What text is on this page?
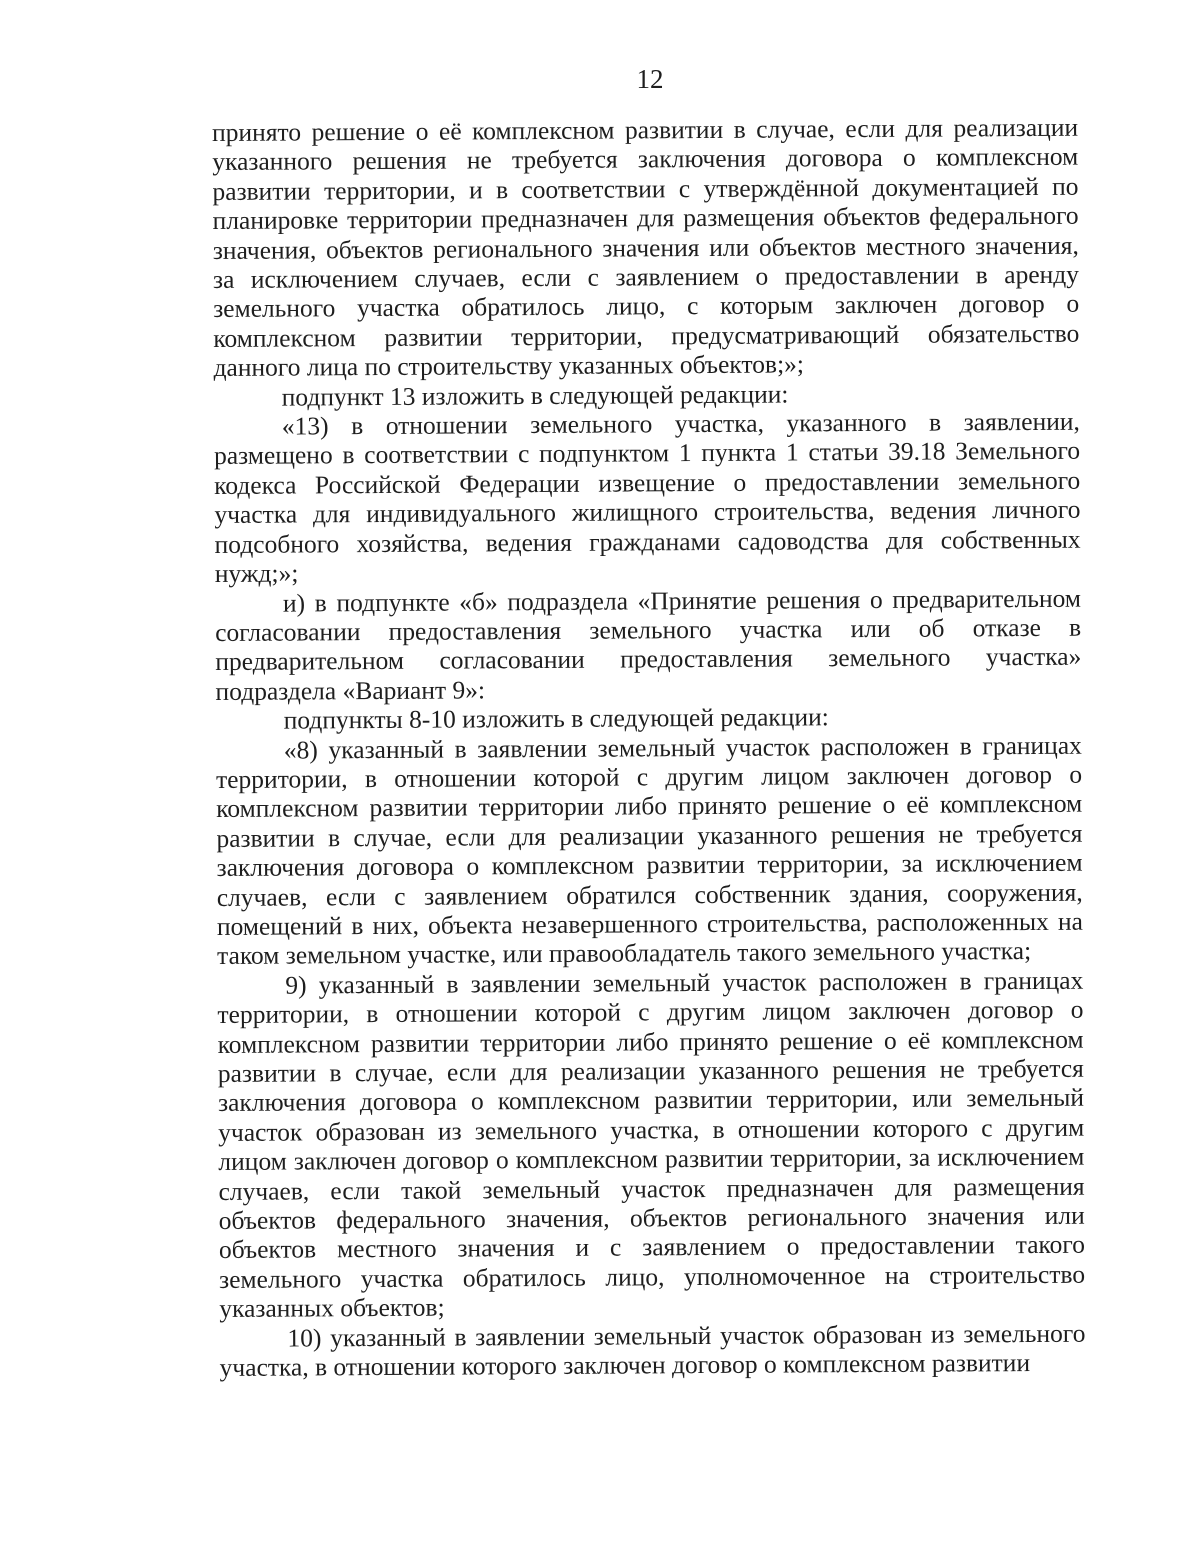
12

принято решение о её комплексном развитии в случае, если для реализации указанного решения не требуется заключения договора о комплексном развитии территории, и в соответствии с утверждённой документацией по планировке территории предназначен для размещения объектов федерального значения, объектов регионального значения или объектов местного значения, за исключением случаев, если с заявлением о предоставлении в аренду земельного участка обратилось лицо, с которым заключен договор о комплексном развитии территории, предусматривающий обязательство данного лица по строительству указанных объектов;»;

подпункт 13 изложить в следующей редакции:

«13) в отношении земельного участка, указанного в заявлении, размещено в соответствии с подпунктом 1 пункта 1 статьи 39.18 Земельного кодекса Российской Федерации извещение о предоставлении земельного участка для индивидуального жилищного строительства, ведения личного подсобного хозяйства, ведения гражданами садоводства для собственных нужд;»;

и) в подпункте «б» подраздела «Принятие решения о предварительном согласовании предоставления земельного участка или об отказе в предварительном согласовании предоставления земельного участка» подраздела «Вариант 9»:

подпункты 8-10 изложить в следующей редакции:

«8) указанный в заявлении земельный участок расположен в границах территории, в отношении которой с другим лицом заключен договор о комплексном развитии территории либо принято решение о её комплексном развитии в случае, если для реализации указанного решения не требуется заключения договора о комплексном развитии территории, за исключением случаев, если с заявлением обратился собственник здания, сооружения, помещений в них, объекта незавершенного строительства, расположенных на таком земельном участке, или правообладатель такого земельного участка;

9) указанный в заявлении земельный участок расположен в границах территории, в отношении которой с другим лицом заключен договор о комплексном развитии территории либо принято решение о её комплексном развитии в случае, если для реализации указанного решения не требуется заключения договора о комплексном развитии территории, или земельный участок образован из земельного участка, в отношении которого с другим лицом заключен договор о комплексном развитии территории, за исключением случаев, если такой земельный участок предназначен для размещения объектов федерального значения, объектов регионального значения или объектов местного значения и с заявлением о предоставлении такого земельного участка обратилось лицо, уполномоченное на строительство указанных объектов;

10) указанный в заявлении земельный участок образован из земельного участка, в отношении которого заключен договор о комплексном развитии
